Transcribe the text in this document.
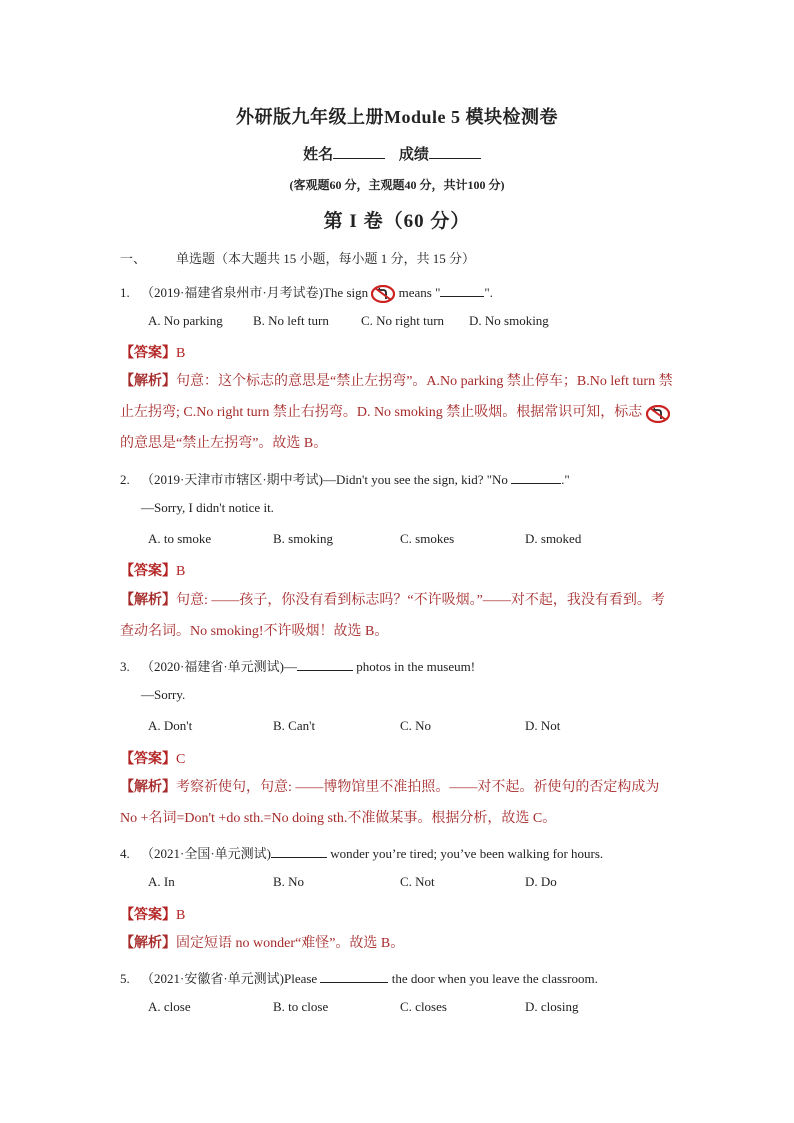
外研版九年级上册Module 5 模块检测卷
姓名	成绩
(客观题60 分，主观题40 分，共计100 分)
第 I 卷（60 分）
一、 单选题（本大题共 15 小题，每小题 1 分，共 15 分）
1. （2019·福建省泉州市·月考试卷)The sign means "	".
A. No parking B. No left turn C. No right turn D. No smoking
【答案】B
【解析】句意：这个标志的意思是“禁止左拐弯”。A.No parking 禁止停车；B.No left turn 禁止左拐弯; C.No right turn 禁止右拐弯。D. No smoking 禁止吸烟。根据常识可知，标志
的意思是“禁止左拐弯”。故选 B。
2. （2019·天津市市辖区·期中考试)—Didn't you see the sign, kid? "No	."
—Sorry, I didn't notice it.
A. to smoke	B. smoking	C. smokes	D. smoked
【答案】B
【解析】句意: ——孩子，你没有看到标志吗？“不许吸烟。”——对不起，我没有看到。考查动名词。No smoking!不许吸烟！故选 B。
3. （2020·福建省·单元测试)—	photos in the museum!
—Sorry.
A. Don't	B. Can't	C. No	D. Not
【答案】C
【解析】考察祈使句，句意: ——博物馆里不准拍照。——对不起。祈使句的否定构成为 No +名词=Don't +do sth.=No doing sth.不准做某事。根据分析，故选 C。
4. （2021·全国·单元测试)	wonder you’re tired; you’ve been walking for hours.
A. In	B. No	C. Not	D. Do
【答案】B
【解析】固定短语 no wonder“难怪”。故选 B。
5. （2021·安徽省·单元测试)Please	the door when you leave the classroom.
A. close	B. to close	C. closes	D. closing
